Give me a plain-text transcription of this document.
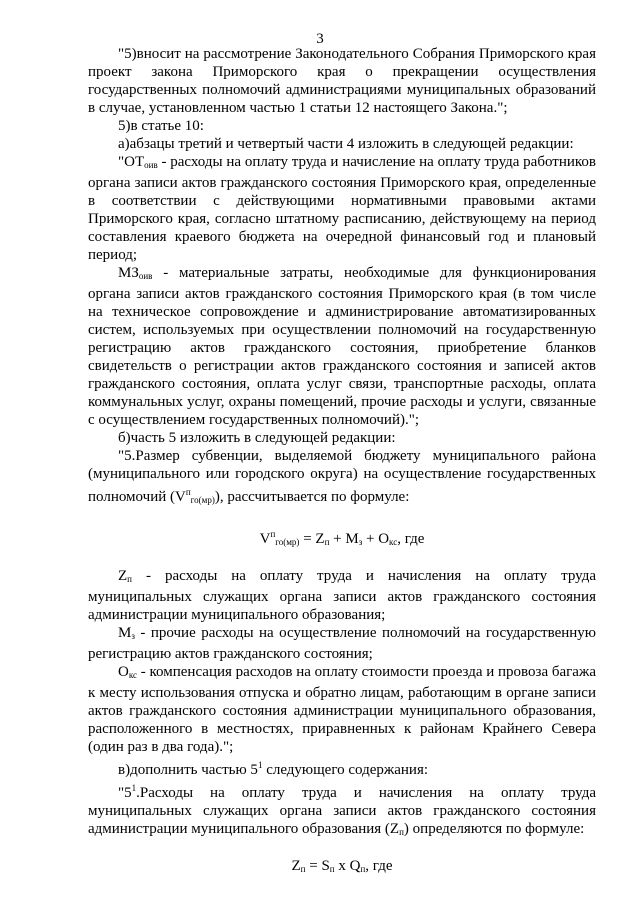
3

"5)вносит на рассмотрение Законодательного Собрания Приморского края проект закона Приморского края о прекращении осуществления государственных полномочий администрациями муниципальных образований в случае, установленном частью 1 статьи 12 настоящего Закона.";

5)в статье 10:

а)абзацы третий и четвертый части 4 изложить в следующей редакции:

"$ОТ_{оив}$ - расходы на оплату труда и начисление на оплату труда работников органа записи актов гражданского состояния Приморского края, определенные в соответствии с действующими нормативными правовыми актами Приморского края, согласно штатному расписанию, действующему на период составления краевого бюджета на очередной финансовый год и плановый период;

$МЗ_{оив}$ - материальные затраты, необходимые для функционирования органа записи актов гражданского состояния Приморского края (в том числе на техническое сопровождение и администрирование автоматизированных систем, используемых при осуществлении полномочий на государственную регистрацию актов гражданского состояния, приобретение бланков свидетельств о регистрации актов гражданского состояния и записей актов гражданского состояния, оплата услуг связи, транспортные расходы, оплата коммунальных услуг, охраны помещений, прочие расходы и услуги, связанные с осуществлением государственных полномочий).";

б)часть 5 изложить в следующей редакции:

"5.Размер субвенции, выделяемой бюджету муниципального района (муниципального или городского округа) на осуществление государственных полномочий $(V^п_{го(мр)})$, рассчитывается по формуле:

$V^п_{го(мр)} = Z_п + М_з + О_{кс}$, где

$Z_п$ - расходы на оплату труда и начисления на оплату труда муниципальных служащих органа записи актов гражданского состояния администрации муниципального образования;

$М_з$ - прочие расходы на осуществление полномочий на государственную регистрацию актов гражданского состояния;

$О_{кс}$ - компенсация расходов на оплату стоимости проезда и провоза багажа к месту использования отпуска и обратно лицам, работающим в органе записи актов гражданского состояния администрации муниципального образования, расположенного в местностях, приравненных к районам Крайнего Севера (один раз в два года).";

в)дополнить частью $5^1$ следующего содержания:

"$5^1.Расходы$ на оплату труда и начисления на оплату труда муниципальных служащих органа записи актов гражданского состояния администрации муниципального образования $(Z_п)$ определяются по формуле:

$Z_п = S_п$ x $Q_п$, где
